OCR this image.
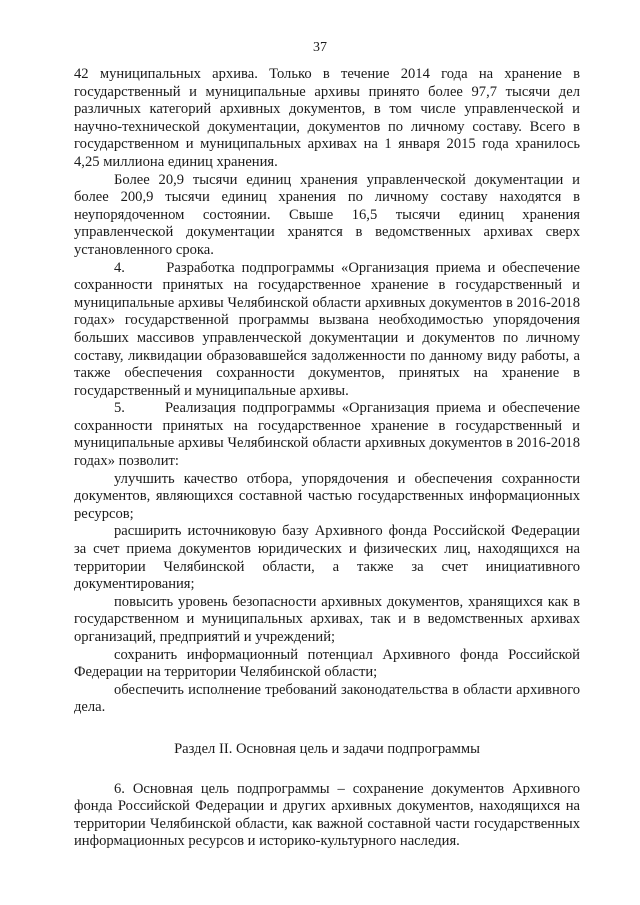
37

42 муниципальных архива. Только в течение 2014 года на хранение в государственный и муниципальные архивы принято более 97,7 тысячи дел различных категорий архивных документов, в том числе управленческой и научно-технической документации, документов по личному составу. Всего в государственном и муниципальных архивах на 1 января 2015 года хранилось 4,25 миллиона единиц хранения.

Более 20,9 тысячи единиц хранения управленческой документации и более 200,9 тысячи единиц хранения по личному составу находятся в неупорядоченном состоянии. Свыше 16,5 тысячи единиц хранения управленческой документации хранятся в ведомственных архивах сверх установленного срока.

4.      Разработка подпрограммы «Организация приема и обеспечение сохранности принятых на государственное хранение в государственный и муниципальные архивы Челябинской области архивных документов в 2016-2018 годах» государственной программы вызвана необходимостью упорядочения больших массивов управленческой документации и документов по личному составу, ликвидации образовавшейся задолженности по данному виду работы, а также обеспечения сохранности документов, принятых на хранение в государственный и муниципальные архивы.

5.      Реализация подпрограммы «Организация приема и обеспечение сохранности принятых на государственное хранение в государственный и муниципальные архивы Челябинской области архивных документов в 2016-2018 годах» позволит:

улучшить качество отбора, упорядочения и обеспечения сохранности документов, являющихся составной частью государственных информационных ресурсов;

расширить источниковую базу Архивного фонда Российской Федерации за счет приема документов юридических и физических лиц, находящихся на территории Челябинской области, а также за счет инициативного документирования;

повысить уровень безопасности архивных документов, хранящихся как в государственном и муниципальных архивах, так и в ведомственных архивах организаций, предприятий и учреждений;

сохранить информационный потенциал Архивного фонда Российской Федерации на территории Челябинской области;

обеспечить исполнение требований законодательства в области архивного дела.

Раздел II. Основная цель и задачи подпрограммы

6. Основная цель подпрограммы – сохранение документов Архивного фонда Российской Федерации и других архивных документов, находящихся на территории Челябинской области, как важной составной части государственных информационных ресурсов и историко-культурного наследия.
